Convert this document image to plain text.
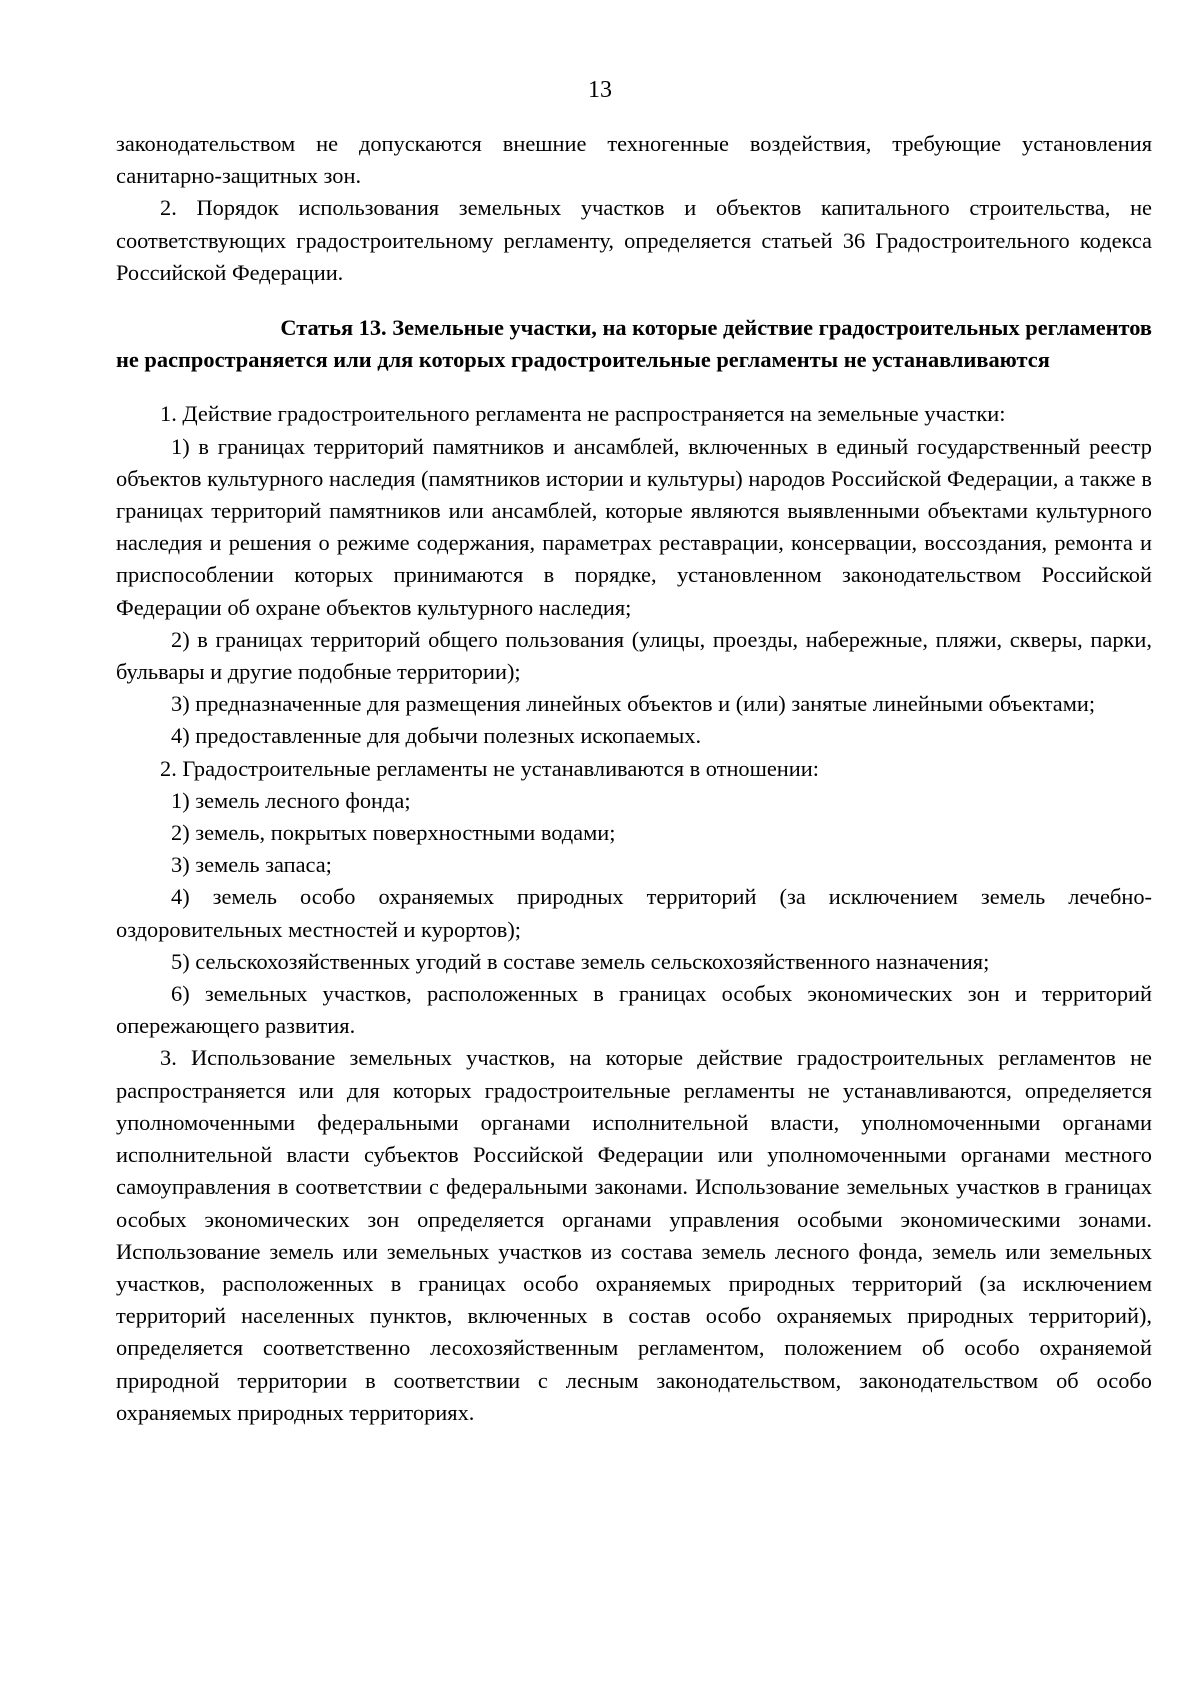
13

законодательством не допускаются внешние техногенные воздействия, требующие установления санитарно-защитных зон.

2. Порядок использования земельных участков и объектов капитального строительства, не соответствующих градостроительному регламенту, определяется статьей 36 Градостроительного кодекса Российской Федерации.

Статья 13. Земельные участки, на которые действие градостроительных регламентов
не распространяется или для которых градостроительные регламенты не устанавливаются

1. Действие градостроительного регламента не распространяется на земельные участки:

1) в границах территорий памятников и ансамблей, включенных в единый государственный реестр объектов культурного наследия (памятников истории и культуры) народов Российской Федерации, а также в границах территорий памятников или ансамблей, которые являются выявленными объектами культурного наследия и решения о режиме содержания, параметрах реставрации, консервации, воссоздания, ремонта и приспособлении которых принимаются в порядке, установленном законодательством Российской Федерации об охране объектов культурного наследия;

2) в границах территорий общего пользования (улицы, проезды, набережные, пляжи, скверы, парки, бульвары и другие подобные территории);

3) предназначенные для размещения линейных объектов и (или) занятые линейными объектами;

4) предоставленные для добычи полезных ископаемых.

2. Градостроительные регламенты не устанавливаются в отношении:

1) земель лесного фонда;

2) земель, покрытых поверхностными водами;

3) земель запаса;

4) земель особо охраняемых природных территорий (за исключением земель лечебно-оздоровительных местностей и курортов);

5) сельскохозяйственных угодий в составе земель сельскохозяйственного назначения;

6) земельных участков, расположенных в границах особых экономических зон и территорий опережающего развития.

3. Использование земельных участков, на которые действие градостроительных регламентов не распространяется или для которых градостроительные регламенты не устанавливаются, определяется уполномоченными федеральными органами исполнительной власти, уполномоченными органами исполнительной власти субъектов Российской Федерации или уполномоченными органами местного самоуправления в соответствии с федеральными законами. Использование земельных участков в границах особых экономических зон определяется органами управления особыми экономическими зонами. Использование земель или земельных участков из состава земель лесного фонда, земель или земельных участков, расположенных в границах особо охраняемых природных территорий (за исключением территорий населенных пунктов, включенных в состав особо охраняемых природных территорий), определяется соответственно лесохозяйственным регламентом, положением об особо охраняемой природной территории в соответствии с лесным законодательством, законодательством об особо охраняемых природных территориях.
